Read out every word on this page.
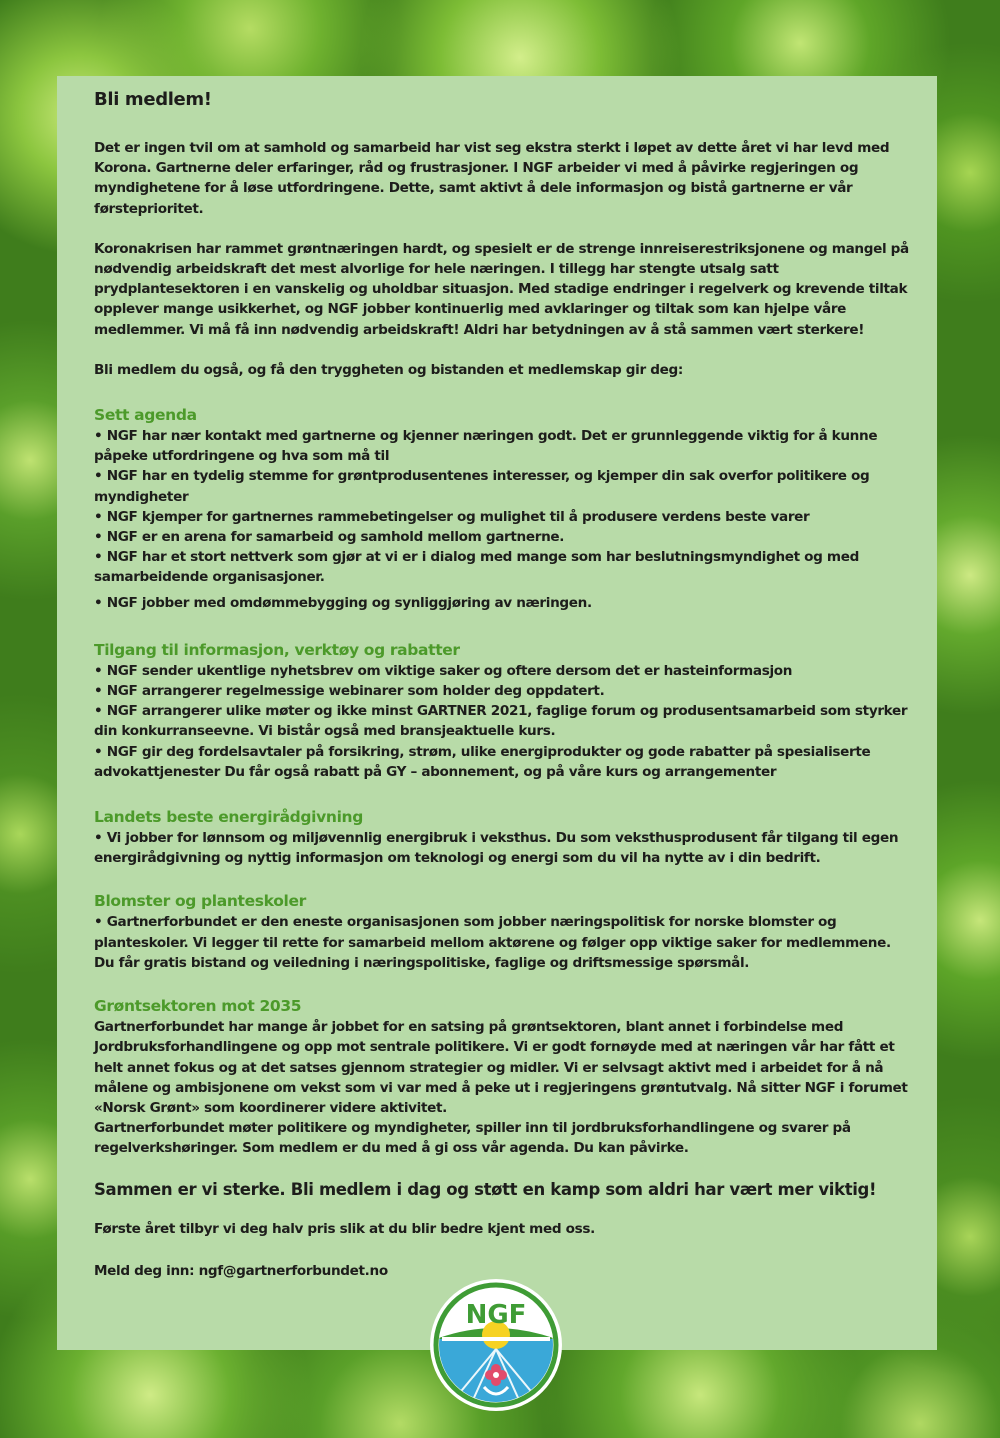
Bli medlem!

Det er ingen tvil om at samhold og samarbeid har vist seg ekstra sterkt i løpet av dette året vi har levd med Korona. Gartnerne deler erfaringer, råd og frustrasjoner. I NGF arbeider vi med å påvirke regjeringen og myndighetene for å løse utfordringene. Dette, samt aktivt å dele informasjon og bistå gartnerne er vår førsteprioritet.

Koronakrisen har rammet grøntnæringen hardt, og spesielt er de strenge innreiserestriksjonene og mangel på nødvendig arbeidskraft det mest alvorlige for hele næringen. I tillegg har stengte utsalg satt prydplantesektoren i en vanskelig og uholdbar situasjon. Med stadige endringer i regelverk og krevende tiltak opplever mange usikkerhet, og NGF jobber kontinuerlig med avklaringer og tiltak som kan hjelpe våre medlemmer. Vi må få inn nødvendig arbeidskraft! Aldri har betydningen av å stå sammen vært sterkere!

Bli medlem du også, og få den tryggheten og bistanden et medlemskap gir deg:

Sett agenda
• NGF har nær kontakt med gartnerne og kjenner næringen godt. Det er grunnleggende viktig for å kunne påpeke utfordringene og hva som må til
• NGF har en tydelig stemme for grøntprodusentenes interesser, og kjemper din sak overfor politikere og myndigheter
• NGF kjemper for gartnernes rammebetingelser og mulighet til å produsere verdens beste varer
• NGF er en arena for samarbeid og samhold mellom gartnerne.
• NGF har et stort nettverk som gjør at vi er i dialog med mange som har beslutningsmyndighet og med samarbeidende organisasjoner.
• NGF jobber med omdømmebygging og synliggjøring av næringen.
Tilgang til informasjon, verktøy og rabatter
• NGF sender ukentlige nyhetsbrev om viktige saker og oftere dersom det er hasteinformasjon
• NGF arrangerer regelmessige webinarer som holder deg oppdatert.
• NGF arrangerer ulike møter og ikke minst GARTNER 2021, faglige forum og produsentsamarbeid som styrker din konkurranseevne. Vi bistår også med bransjeaktuelle kurs.
• NGF gir deg fordelsavtaler på forsikring, strøm, ulike energiprodukter og gode rabatter på spesialiserte advokattjenester Du får også rabatt på GY – abonnement, og på våre kurs og arrangementer
Landets beste energirådgivning
• Vi jobber for lønnsom og miljøvennlig energibruk i veksthus. Du som veksthusprodusent får tilgang til egen energirådgivning og nyttig informasjon om teknologi og energi som du vil ha nytte av i din bedrift.
Blomster og planteskoler
• Gartnerforbundet er den eneste organisasjonen som jobber næringspolitisk for norske blomster og planteskoler. Vi legger til rette for samarbeid mellom aktørene og følger opp viktige saker for medlemmene. Du får gratis bistand og veiledning i næringspolitiske, faglige og driftsmessige spørsmål.
Grøntsektoren mot 2035

Gartnerforbundet har mange år jobbet for en satsing på grøntsektoren, blant annet i forbindelse med Jordbruksforhandlingene og opp mot sentrale politikere. Vi er godt fornøyde med at næringen vår har fått et helt annet fokus og at det satses gjennom strategier og midler. Vi er selvsagt aktivt med i arbeidet for å nå målene og ambisjonene om vekst som vi var med å peke ut i regjeringens grøntutvalg. Nå sitter NGF i forumet «Norsk Grønt» som koordinerer videre aktivitet.

Gartnerforbundet møter politikere og myndigheter, spiller inn til jordbruksforhandlingene og svarer på regelverkshøringer. Som medlem er du med å gi oss vår agenda. Du kan påvirke.

Sammen er vi sterke. Bli medlem i dag og støtt en kamp som aldri har vært mer viktig!

Første året tilbyr vi deg halv pris slik at du blir bedre kjent med oss.

Meld deg inn: ngf@gartnerforbundet.no

NGF
